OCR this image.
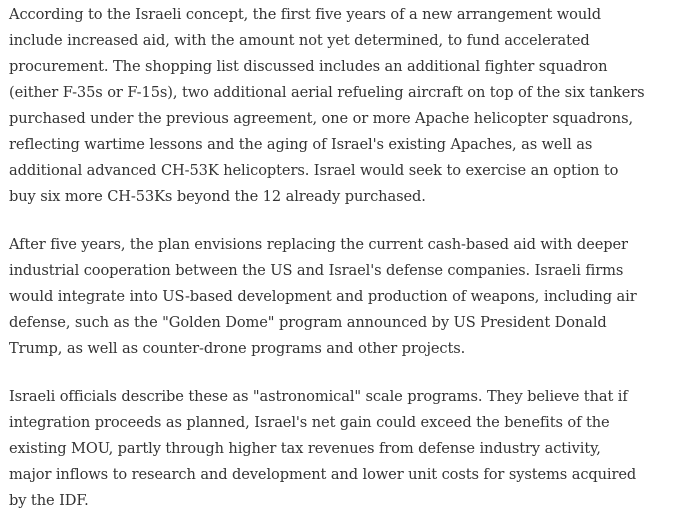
According to the Israeli concept, the first five years of a new arrangement would
include increased aid, with the amount not yet determined, to fund accelerated
procurement. The shopping list discussed includes an additional fighter squadron
(either F-35s or F-15s), two additional aerial refueling aircraft on top of the six tankers
purchased under the previous agreement, one or more Apache helicopter squadrons,
reflecting wartime lessons and the aging of Israel's existing Apaches, as well as
additional advanced CH-53K helicopters. Israel would seek to exercise an option to
buy six more CH-53Ks beyond the 12 already purchased.

After five years, the plan envisions replacing the current cash-based aid with deeper
industrial cooperation between the US and Israel's defense companies. Israeli firms
would integrate into US-based development and production of weapons, including air
defense, such as the "Golden Dome" program announced by US President Donald
Trump, as well as counter-drone programs and other projects.

Israeli officials describe these as "astronomical" scale programs. They believe that if
integration proceeds as planned, Israel's net gain could exceed the benefits of the
existing MOU, partly through higher tax revenues from defense industry activity,
major inflows to research and development and lower unit costs for systems acquired
by the IDF.
